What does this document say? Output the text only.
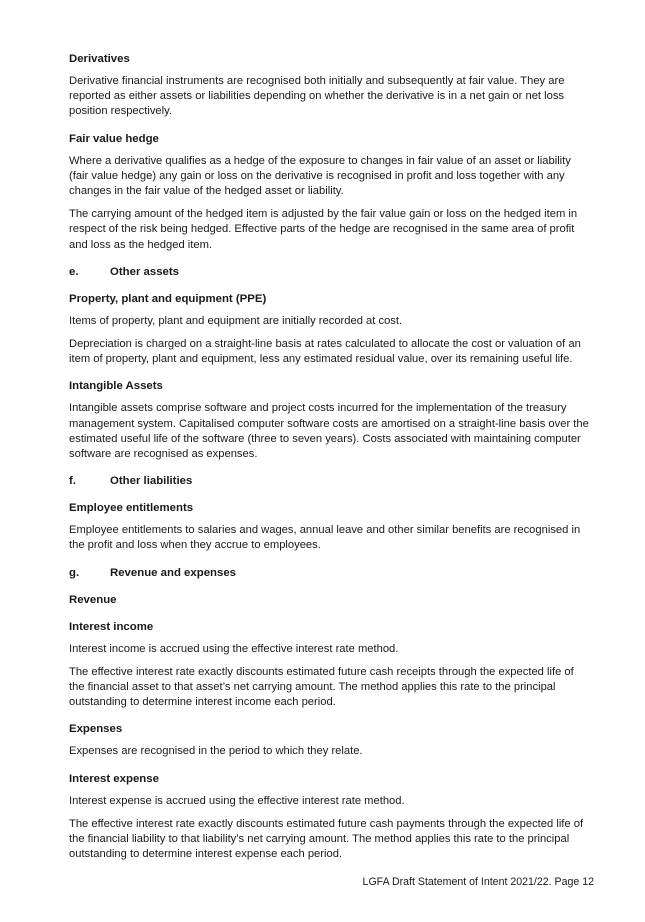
Derivatives

Derivative financial instruments are recognised both initially and subsequently at fair value. They are reported as either assets or liabilities depending on whether the derivative is in a net gain or net loss position respectively.

Fair value hedge

Where a derivative qualifies as a hedge of the exposure to changes in fair value of an asset or liability (fair value hedge) any gain or loss on the derivative is recognised in profit and loss together with any changes in the fair value of the hedged asset or liability.

The carrying amount of the hedged item is adjusted by the fair value gain or loss on the hedged item in respect of the risk being hedged. Effective parts of the hedge are recognised in the same area of profit and loss as the hedged item.

e.	Other assets
Property, plant and equipment (PPE)

Items of property, plant and equipment are initially recorded at cost.

Depreciation is charged on a straight-line basis at rates calculated to allocate the cost or valuation of an item of property, plant and equipment, less any estimated residual value, over its remaining useful life.

Intangible Assets

Intangible assets comprise software and project costs incurred for the implementation of the treasury management system. Capitalised computer software costs are amortised on a straight-line basis over the estimated useful life of the software (three to seven years). Costs associated with maintaining computer software are recognised as expenses.

f.	Other liabilities
Employee entitlements

Employee entitlements to salaries and wages, annual leave and other similar benefits are recognised in the profit and loss when they accrue to employees.

g.	Revenue and expenses
Revenue
Interest income

Interest income is accrued using the effective interest rate method.

The effective interest rate exactly discounts estimated future cash receipts through the expected life of the financial asset to that asset’s net carrying amount. The method applies this rate to the principal outstanding to determine interest income each period.

Expenses

Expenses are recognised in the period to which they relate.

Interest expense

Interest expense is accrued using the effective interest rate method.

The effective interest rate exactly discounts estimated future cash payments through the expected life of the financial liability to that liability’s net carrying amount. The method applies this rate to the principal outstanding to determine interest expense each period.

LGFA Draft Statement of Intent 2021/22. Page 12
